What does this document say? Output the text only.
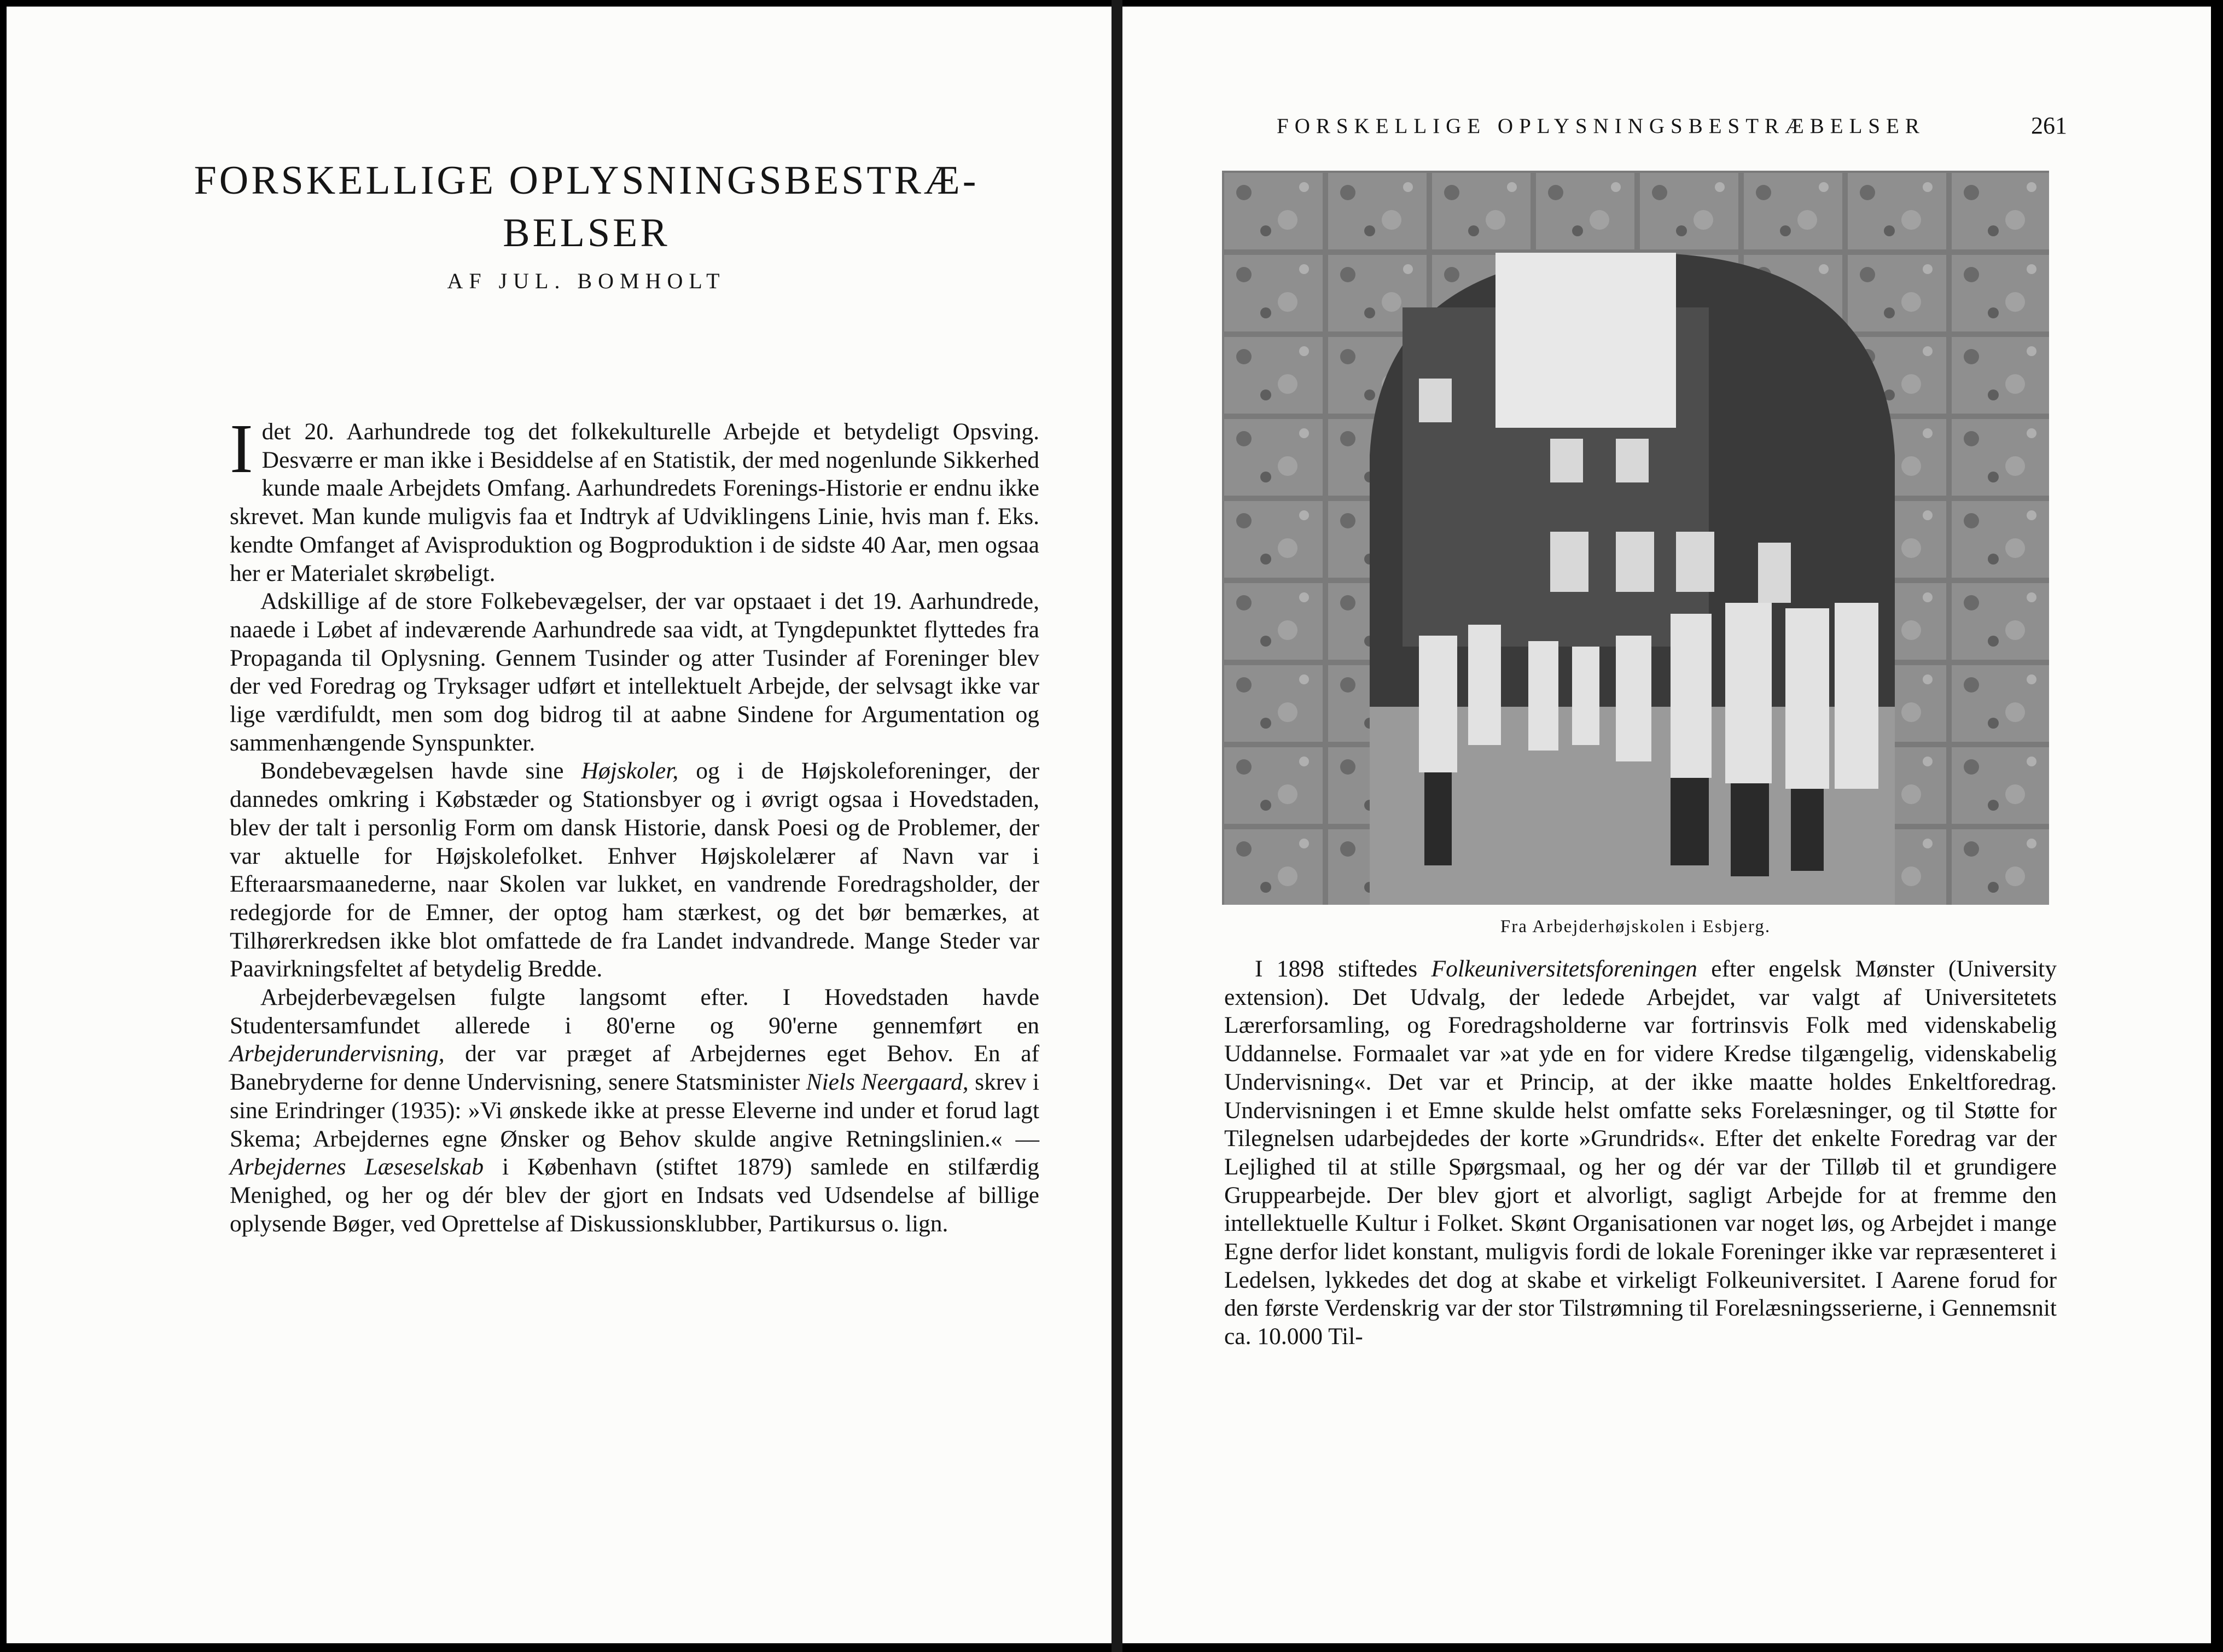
FORSKELLIGE OPLYSNINGSBESTRÆ-
BELSER
AF JUL. BOMHOLT

Idet 20. Aarhundrede tog det folkekulturelle Arbejde et betydeligt Opsving. Desværre er man ikke i Besiddelse af en Statistik, der med nogenlunde Sikkerhed kunde maale Arbejdets Omfang. Aarhundredets Forenings-Historie er endnu ikke skrevet. Man kunde muligvis faa et Indtryk af Udviklingens Linie, hvis man f. Eks. kendte Omfanget af Avisproduktion og Bogproduktion i de sidste 40 Aar, men ogsaa her er Materialet skrøbeligt.

Adskillige af de store Folkebevægelser, der var opstaaet i det 19. Aarhundrede, naaede i Løbet af indeværende Aarhundrede saa vidt, at Tyngdepunktet flyttedes fra Propaganda til Oplysning. Gennem Tusinder og atter Tusinder af Foreninger blev der ved Foredrag og Tryksager udført et intellektuelt Arbejde, der selvsagt ikke var lige værdifuldt, men som dog bidrog til at aabne Sindene for Argumentation og sammenhængende Synspunkter.

Bondebevægelsen havde sine Højskoler, og i de Højskoleforeninger, der dannedes omkring i Købstæder og Stationsbyer og i øvrigt ogsaa i Hovedstaden, blev der talt i personlig Form om dansk Historie, dansk Poesi og de Problemer, der var aktuelle for Højskolefolket. Enhver Højskolelærer af Navn var i Efteraarsmaanederne, naar Skolen var lukket, en vandrende Foredragsholder, der redegjorde for de Emner, der optog ham stærkest, og det bør bemærkes, at Tilhørerkredsen ikke blot omfattede de fra Landet indvandrede. Mange Steder var Paavirkningsfeltet af betydelig Bredde.

Arbejderbevægelsen fulgte langsomt efter. I Hovedstaden havde Studentersamfundet allerede i 80'erne og 90'erne gennemført en Arbejderundervisning, der var præget af Arbejdernes eget Behov. En af Banebryderne for denne Undervisning, senere Statsminister Niels Neergaard, skrev i sine Erindringer (1935): »Vi ønskede ikke at presse Eleverne ind under et forud lagt Skema; Arbejdernes egne Ønsker og Behov skulde angive Retningslinien.« — Arbejdernes Læseselskab i København (stiftet 1879) samlede en stilfærdig Menighed, og her og dér blev der gjort en Indsats ved Udsendelse af billige oplysende Bøger, ved Oprettelse af Diskussionsklubber, Partikursus o. lign.

FORSKELLIGE OPLYSNINGSBESTRÆBELSER	261
Fra Arbejderhøjskolen i Esbjerg.

I 1898 stiftedes Folkeuniversitetsforeningen efter engelsk Mønster (University extension). Det Udvalg, der ledede Arbejdet, var valgt af Universitetets Lærerforsamling, og Foredragsholderne var fortrinsvis Folk med videnskabelig Uddannelse. Formaalet var »at yde en for videre Kredse tilgængelig, videnskabelig Undervisning«. Det var et Princip, at der ikke maatte holdes Enkeltforedrag. Undervisningen i et Emne skulde helst omfatte seks Forelæsninger, og til Støtte for Tilegnelsen udarbejdedes der korte »Grundrids«. Efter det enkelte Foredrag var der Lejlighed til at stille Spørgsmaal, og her og dér var der Tilløb til et grundigere Gruppearbejde. Der blev gjort et alvorligt, sagligt Arbejde for at fremme den intellektuelle Kultur i Folket. Skønt Organisationen var noget løs, og Arbejdet i mange Egne derfor lidet konstant, muligvis fordi de lokale Foreninger ikke var repræsenteret i Ledelsen, lykkedes det dog at skabe et virkeligt Folkeuniversitet. I Aarene forud for den første Verdenskrig var der stor Tilstrømning til Forelæsningsserierne, i Gennemsnit ca. 10.000 Til-
